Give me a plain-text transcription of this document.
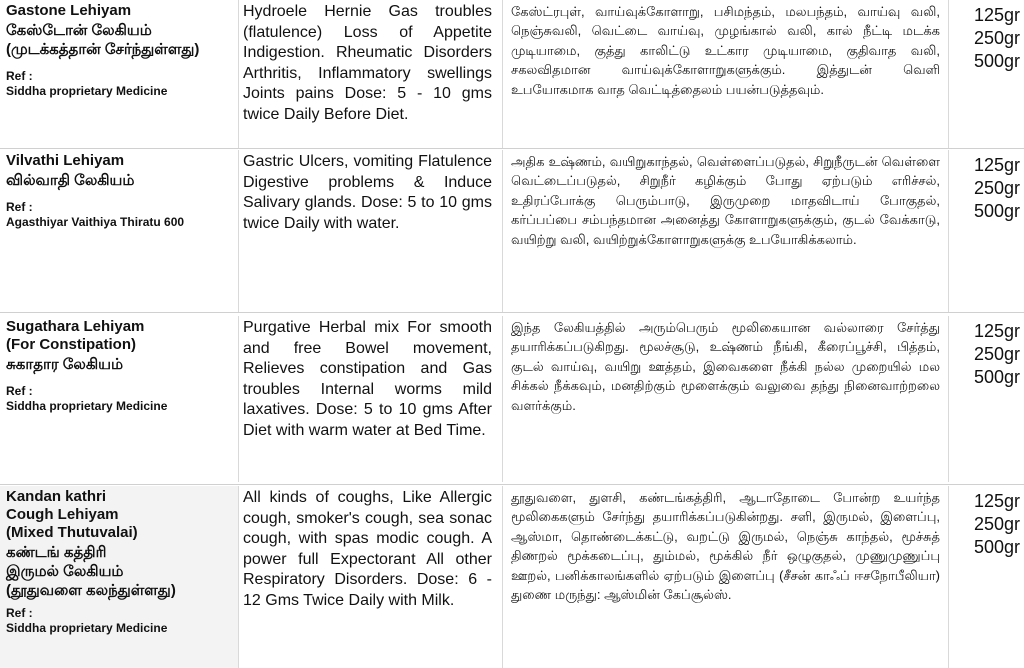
Gastone Lehiyam
கேஸ்டோன் லேகியம்
(முடக்கத்தான் சேர்ந்துள்ளது)
Ref :
Siddha proprietary Medicine
Hydroele Hernie Gas troubles (flatulence) Loss of Appetite Indigestion. Rheumatic Disorders Arthritis, Inflammatory swellings Joints pains Dose: 5 - 10 gms twice Daily Before Diet.
கேஸ்ட்ரபுள், வாய்வுக்கோளாறு, பசிமந்தம், மலபந்தம், வாய்வு வலி, நெஞ்சுவலி, வெட்டை வாய்வு, முழங்கால் வலி, கால் நீட்டி மடக்க முடியாமை, குத்து காலிட்டு உட்கார முடியாமை, குதிவாத வலி, சகலவிதமான வாய்வுக்கோளாறுகளுக்கும். இத்துடன் வெளி உபயோகமாக வாத வெட்டித்தைலம் பயன்படுத்தவும்.
125gr
250gr
500gr
Vilvathi Lehiyam
வில்வாதி லேகியம்
Ref :
Agasthiyar Vaithiya Thiratu 600
Gastric Ulcers, vomiting Flatulence Digestive problems & Induce Salivary glands. Dose: 5 to 10 gms twice Daily with water.
அதிக உஷ்ணம், வயிறுகாந்தல், வெள்ளைப்படுதல், சிறுநீருடன் வெள்ளை வெட்டைப்படுதல், சிறுநீர் கழிக்கும் போது ஏற்படும் எரிச்சல், உதிரப்போக்கு பெரும்பாடு, இருமுறை மாதவிடாய் போகுதல், கர்ப்பப்பை சம்பந்தமான அனைத்து கோளாறுகளுக்கும், குடல் வேக்காடு, வயிற்று வலி, வயிற்றுக்கோளாறுகளுக்கு உபயோகிக்கலாம்.
125gr
250gr
500gr
Sugathara Lehiyam
(For Constipation)
சுகாதார லேகியம்
Ref :
Siddha proprietary Medicine
Purgative Herbal mix For smooth and free Bowel movement, Relieves constipation and Gas troubles Internal worms mild laxatives. Dose: 5 to 10 gms After Diet with warm water at Bed Time.
இந்த லேகியத்தில் அரும்பெரும் மூலிகையான வல்லாரை சேர்த்து தயாரிக்கப்படுகிறது. மூலச்சூடு, உஷ்ணம் நீங்கி, கீரைப்பூச்சி, பித்தம், குடல் வாய்வு, வயிறு ஊத்தம், இவைகளை நீக்கி நல்ல முறையில் மல சிக்கல் நீக்கவும், மனதிற்கும் மூளைக்கும் வலுவை தந்து நினைவாற்றலை வளர்க்கும்.
125gr
250gr
500gr
Kandan kathri
Cough Lehiyam
(Mixed Thutuvalai)
கண்டங் கத்திரி
இருமல் லேகியம்
(தூதுவளை கலந்துள்ளது)
Ref :
Siddha proprietary Medicine
All kinds of coughs, Like Allergic cough, smoker's cough, sea sonac cough, with spas modic cough. A power full Expectorant All other Respiratory Disorders. Dose: 6 - 12 Gms Twice Daily with Milk.
தூதுவளை, துளசி, கண்டங்கத்திரி, ஆடாதோடை போன்ற உயர்ந்த மூலிகைகளும் சேர்ந்து தயாரிக்கப்படுகின்றது. சளி, இருமல், இளைப்பு, ஆஸ்மா, தொண்டைக்கட்டு, வறட்டு இருமல், நெஞ்சு காந்தல், மூச்சுத் திணறல் மூக்கடைப்பு, தும்மல், மூக்கில் நீர் ஒழுகுதல், முணுமுணுப்பு ஊறல், பனிக்காலங்களில் ஏற்படும் இளைப்பு (சீசன் காஃப் ஈசநோபீலியா) துணை மருந்து: ஆஸ்மின் கேப்சூல்ஸ்.
125gr
250gr
500gr
